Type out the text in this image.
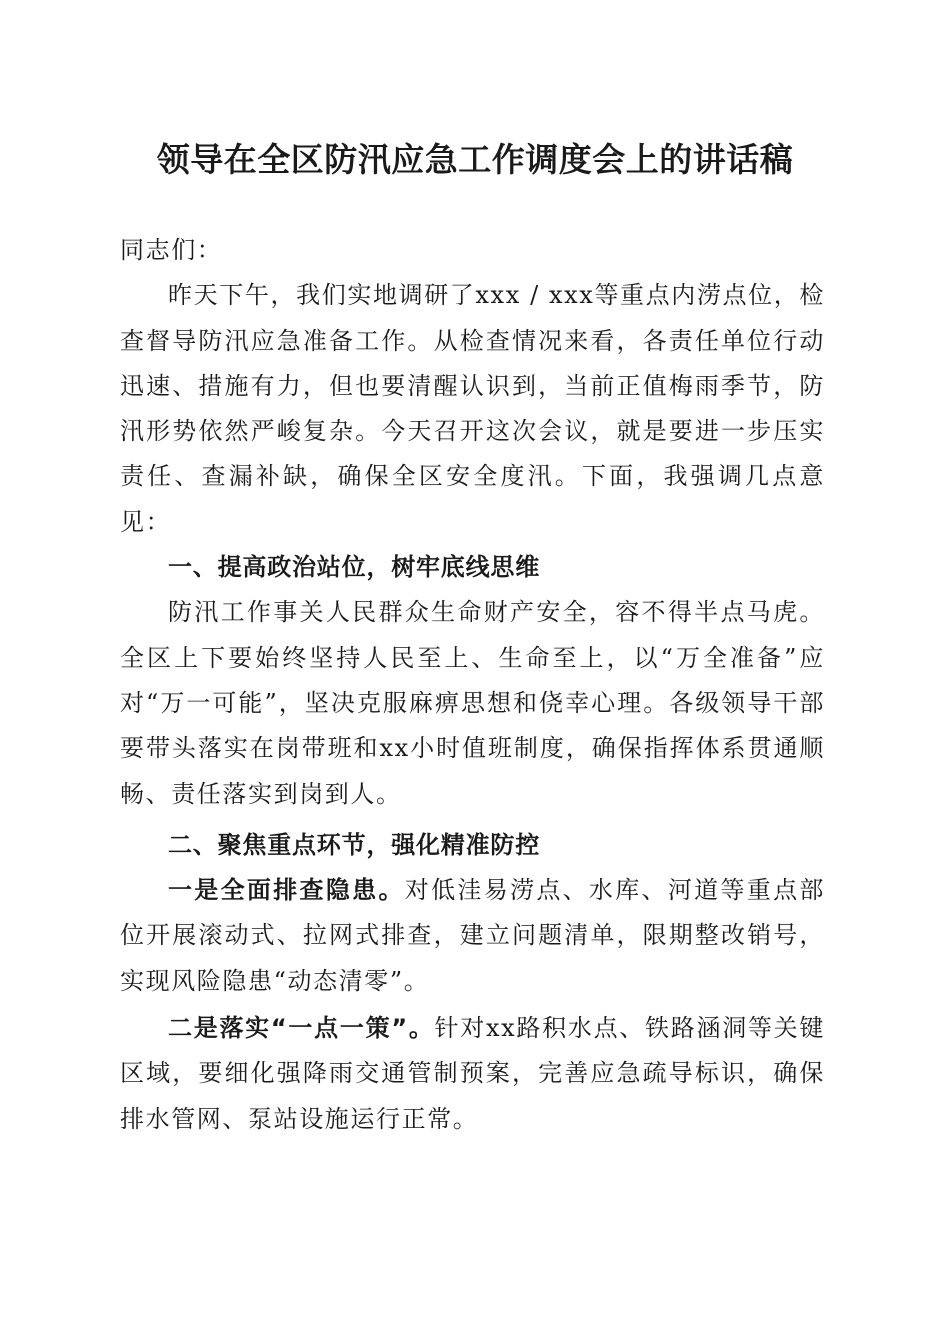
领导在全区防汛应急工作调度会上的讲话稿

同志们：

昨天下午，我们实地调研了xxx / xxx等重点内涝点位，检查督导防汛应急准备工作。从检查情况来看，各责任单位行动迅速、措施有力，但也要清醒认识到，当前正值梅雨季节，防汛形势依然严峻复杂。今天召开这次会议，就是要进一步压实责任、查漏补缺，确保全区安全度汛。下面，我强调几点意见：

一、提高政治站位，树牢底线思维

防汛工作事关人民群众生命财产安全，容不得半点马虎。全区上下要始终坚持人民至上、生命至上，以“万全准备”应对“万一可能”，坚决克服麻痹思想和侥幸心理。各级领导干部要带头落实在岗带班和xx小时值班制度，确保指挥体系贯通顺畅、责任落实到岗到人。

二、聚焦重点环节，强化精准防控

一是全面排查隐患。对低洼易涝点、水库、河道等重点部位开展滚动式、拉网式排查，建立问题清单，限期整改销号，实现风险隐患“动态清零”。

二是落实“一点一策”。针对xx路积水点、铁路涵洞等关键区域，要细化强降雨交通管制预案，完善应急疏导标识，确保排水管网、泵站设施运行正常。
